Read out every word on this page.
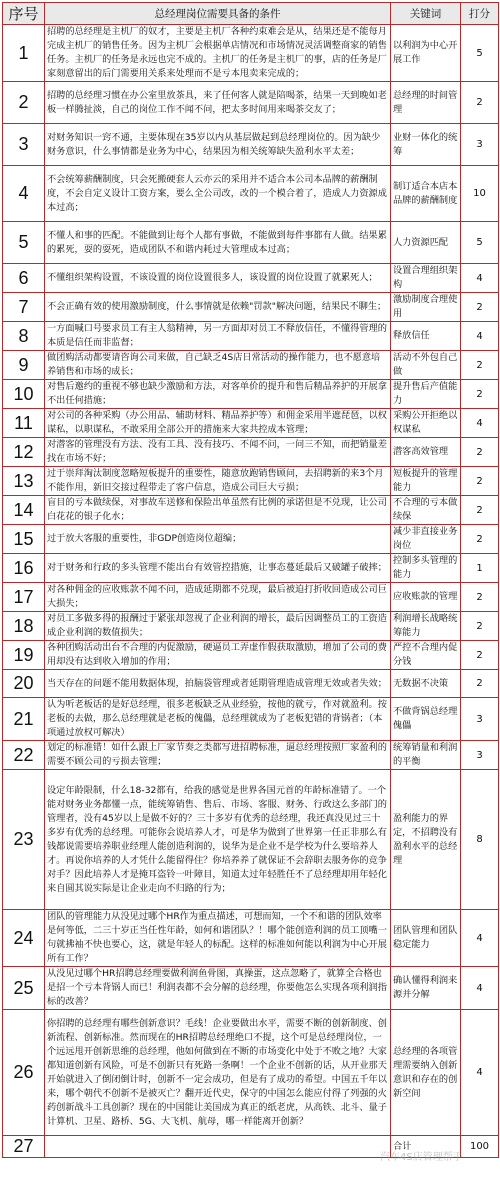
序号	总经理岗位需要具备的条件	关键词	打分
1	招聘的总经理是主机厂的奴才，主要是主机厂各种约束难会是从，结果还是不能每月完成主机厂的销售任务。因为主机厂会根据单店情况和市场情况灵活调整商家的销售任务。主机厂的任务是永远也完不成的。主机厂的任务是主机厂的事，店的任务是厂家刻意留出的后门需要用关系来处理而不是亏本甩卖来完成的；	以利润为中心开展工作	5
2	招聘的总经理习惯在办公室里放茶具，来了任何客人就是陪喝茶，结果一天到晚如老板一样腾扯淡，自己的岗位工作不闻不问，把太多时间用来喝茶交友了；	总经理的时间管理	2
3	对财务知识一窍不通，主要体现在35岁以内从基层做起到总经理岗位的。因为缺少财务意识，什么事情都是业务为中心，结果因为相关统筹缺失盈利水平太差；	业财一体化的统筹	3
4	不会统筹薪酬制度，只会死搬硬套人云亦云的采用并不适合本公司本品牌的薪酬制度，不会自定义设计工资方案，要么全公司改，改的一个模合着了，造成人力资源成本过高；	制订适合本店本品牌的薪酬制度	10
5	不懂人和事的匹配。不能做到让每个人都有事做，不能做到每件事都有人做。结果累的累死，耍的耍死，造成团队不和谐内耗过大管理成本过高；	人力资源匹配	5
6	不懂组织架构设置，不该设置的岗位设置很多人，该设置的岗位设置了就累死人；	设置合理组织架构	4
7	不会正确有效的使用激励制度，什么事情就是依赖"罚款"解决问题，结果民不聊生；	激励制度合理使用	2
8	一方面喊口号要求员工有主人翁精神，另一方面却对员工不释放信任，不懂得管理的本质是信任而非监督；	释放信任	4
9	做团购活动都要请咨询公司来做，自己缺乏4S店日常活动的操作能力，也不愿意培养销售和市场的成长；	活动不外包自己做	2
10	对售后邀约的重视不够也缺少激励和方法，对客单价的提升和售后精品养护的开展拿不出任何措施；	提升售后产值能力	2
11	对公司的各种采购（办公用品、辅助材料、精品养护等）和佣金采用半遮琵琶，以权谋私，以职谋私，不敢采用全部公开的措施来大家共控成本管理；	采购公开拒绝以权谋私	4
12	对潜客的管理没有方法、没有工具、没有技巧、不闻不问，一问三不知，而把销量差找在市场不好；	潜客高效管理	2
13	过于崇拜淘汰制度忽略短板提升的重要性，随意放跑销售顾问，去招聘新的来3个月不能作用，新旧交接过程带走了客户信息，造成公司巨大亏损；	短板提升的管理能力	2
14	盲目的亏本做续保，对事故车送修和保险出单虽然有比例的承诺但是不兑现，让公司白花花的银子化水；	不合理的亏本做续保	2
15	过于放大客服的重要性，非GDP创造岗位超编；	减少非直接业务岗位	2
16	对于财务和行政的多头管理不能出台有效管控措施，让事态蔓延最后又破罐子破摔；	控制多头管理的能力	1
17	对各种佣金的应收账款不闻不问，造成延期都不兑现，最后被迫打折收回造成公司巨大损失；	应收账款的管理	2
18	对员工多做多得的报酬过于紧张却忽视了企业利润的增长，最后因调整员工的工资造成企业利润的数值损失；	利润增长战略统筹能力	2
19	各种团购活动出台不合理的内促激励，硬逼员工弄虚作假获取激励，增加了公司的费用却没有达到收入增加的作用；	严控不合理内促分钱	2
20	当天存在的问题不能用数据体现，拍脑袋管理或者延期管理造成管理无效或者失效；	无数据不决策	2
21	认为听老板话的是好总经理，很多老板缺乏从业经验，按他的就亏，作对就盈利。按老板的去做，那么总经理就是老板的傀儡，总经理就成为了老板犯错的背锅者；（本项通过放权可解决）	不做背锅总经理傀儡	3
22	划定的标准错！如什么跟上厂家节奏之类都写进招聘标准，逼总经理按照厂家盈利的需要不顾公司的亏损去管理；	统筹销量和利润的平衡	3
23	设定年龄限制，什么18-32都有，给我的感觉是世界各国元首的年龄标准错了。一个能对财务业务都懂一点，能统筹销售、售后、市场、客服、财务、行政这么多部门的管理者，没有45岁以上是做不好的？三十多岁有优秀的总经理，我还真没见过三十多岁有优秀的总经理。可能你会说培养人才，可是华为做到了世界第一任正非那么有钱都说需要培养职业经理人能创造利润的，说华为是企业不是学校为什么要培养人才。再说你培养的人才凭什么能留得住？你培养养了就保证不会辞职去服务你的竞争对手？因此培养人才是掩耳盗铃一叶障目，知道太过年轻胜任不了总经理却用年轻化来自圆其说实际是让企业走向不归路的行为；	盈利能力的界定，不招聘没有盈利水平的总经理	8
24	团队的管理能力从没见过哪个HR作为重点描述，可想而知，一个不和谐的团队效率是何等低，二三十岁正当任性年龄，如何和谐团队？！哪个能创造利润的员工顶嘴一句就拂袖不快也要心，这，就是年轻人的标配。这样的标准如何能以利润为中心开展所有工作？	团队管理和团队稳定能力	4
25	从没见过哪个HR招聘总经理要做利润鱼骨图，真操蛋，这点忽略了，就算全合格也是招一个亏本背锅人而已！利润表都不会分解的总经理，你要他怎么实现各项利润指标的改善？	确认懂得利润来源并分解	4
26	你招聘的总经理有哪些创新意识？毛线！企业要做出水平，需要不断的创新制度、创新流程、创新标准。然而现在的HR招聘总经理绝口不提，这个可是总经理岗位，一个远远甩开创新思维的总经理，他如何做到在不断的市场变化中处于不败之地？大家都知道创新有风险，可是不创新只有死路一条啊！一个企业不创新的话，从开业那天开始就进入了倒闭倒计时，创新不一定会成功，但是有了成功的希望。中国五千年以来，哪个朝代不创新不是被灭亡？翻开近代史，保守的中国怎么能应付得了列强的火药创新战斗工具创新？现在的中国能让美国成为真正的纸老虎，从高铁、北斗、量子计算机、卫星、路桥、5G、大飞机、航母，哪一样能离开创新？	总经理的各项管理需要纳入创新意识和存在的创新空间	4
27		合计	100
汽车4S店管理帮手
